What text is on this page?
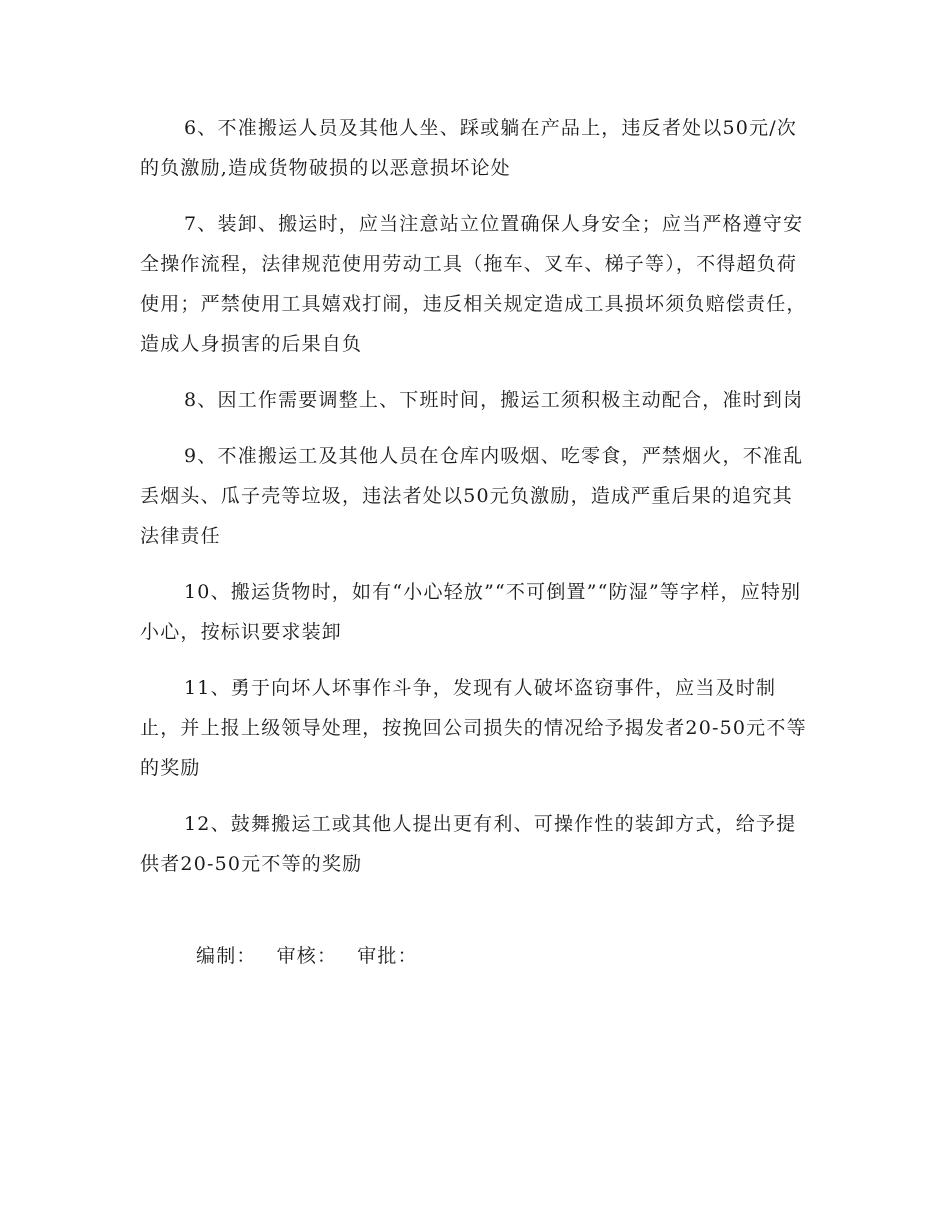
6、不准搬运人员及其他人坐、踩或躺在产品上，违反者处以50元/次的负激励,造成货物破损的以恶意损坏论处

7、装卸、搬运时，应当注意站立位置确保人身安全；应当严格遵守安全操作流程，法律规范使用劳动工具（拖车、叉车、梯子等），不得超负荷使用；严禁使用工具嬉戏打闹，违反相关规定造成工具损坏须负赔偿责任，造成人身损害的后果自负

8、因工作需要调整上、下班时间，搬运工须积极主动配合，准时到岗

9、不准搬运工及其他人员在仓库内吸烟、吃零食，严禁烟火，不准乱丢烟头、瓜子壳等垃圾，违法者处以50元负激励，造成严重后果的追究其法律责任

10、搬运货物时，如有“小心轻放”“不可倒置”“防湿”等字样，应特别小心，按标识要求装卸

11、勇于向坏人坏事作斗争，发现有人破坏盗窃事件，应当及时制止，并上报上级领导处理，按挽回公司损失的情况给予揭发者20-50元不等的奖励

12、鼓舞搬运工或其他人提出更有利、可操作性的装卸方式，给予提供者20-50元不等的奖励

编制： 审核： 审批：
